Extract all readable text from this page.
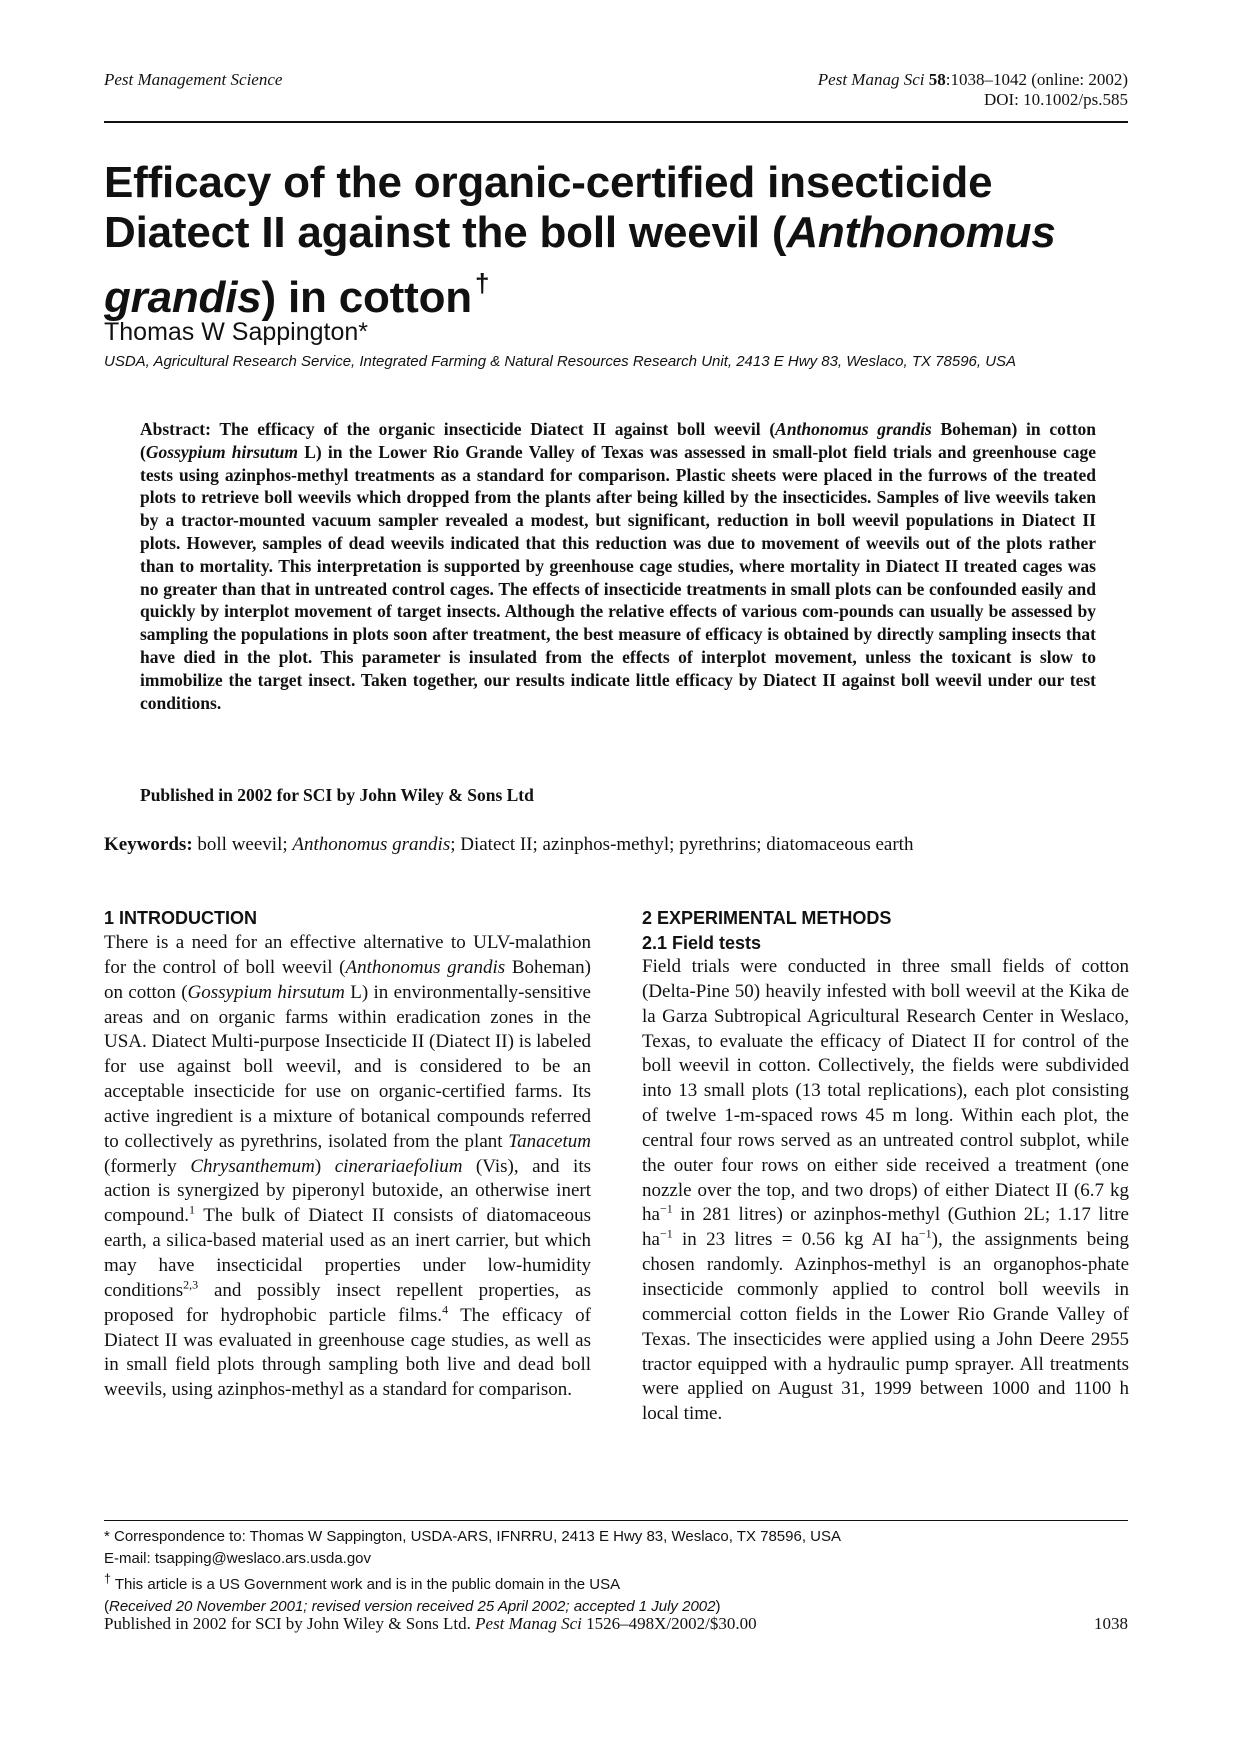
Pest Management Science	Pest Manag Sci 58:1038–1042 (online: 2002)
DOI: 10.1002/ps.585
Efficacy of the organic-certified insecticide Diatect II against the boll weevil (Anthonomus grandis) in cotton †
Thomas W Sappington*
USDA, Agricultural Research Service, Integrated Farming & Natural Resources Research Unit, 2413 E Hwy 83, Weslaco, TX 78596, USA

Abstract: The efficacy of the organic insecticide Diatect II against boll weevil (Anthonomus grandis Boheman) in cotton (Gossypium hirsutum L) in the Lower Rio Grande Valley of Texas was assessed in small-plot field trials and greenhouse cage tests using azinphos-methyl treatments as a standard for comparison. Plastic sheets were placed in the furrows of the treated plots to retrieve boll weevils which dropped from the plants after being killed by the insecticides. Samples of live weevils taken by a tractor-mounted vacuum sampler revealed a modest, but significant, reduction in boll weevil populations in Diatect II plots. However, samples of dead weevils indicated that this reduction was due to movement of weevils out of the plots rather than to mortality. This interpretation is supported by greenhouse cage studies, where mortality in Diatect II treated cages was no greater than that in untreated control cages. The effects of insecticide treatments in small plots can be confounded easily and quickly by interplot movement of target insects. Although the relative effects of various com-pounds can usually be assessed by sampling the populations in plots soon after treatment, the best measure of efficacy is obtained by directly sampling insects that have died in the plot. This parameter is insulated from the effects of interplot movement, unless the toxicant is slow to immobilize the target insect. Taken together, our results indicate little efficacy by Diatect II against boll weevil under our test conditions.

Published in 2002 for SCI by John Wiley & Sons Ltd
Keywords: boll weevil; Anthonomus grandis; Diatect II; azinphos-methyl; pyrethrins; diatomaceous earth
1 INTRODUCTION

There is a need for an effective alternative to ULV-malathion for the control of boll weevil (Anthonomus grandis Boheman) on cotton (Gossypium hirsutum L) in environmentally-sensitive areas and on organic farms within eradication zones in the USA. Diatect Multi-purpose Insecticide II (Diatect II) is labeled for use against boll weevil, and is considered to be an acceptable insecticide for use on organic-certified farms. Its active ingredient is a mixture of botanical compounds referred to collectively as pyrethrins, isolated from the plant Tanacetum (formerly Chrysanthemum) cinerariaefolium (Vis), and its action is synergized by piperonyl butoxide, an otherwise inert compound.$^1$ The bulk of Diatect II consists of diatomaceous earth, a silica-based material used as an inert carrier, but which may have insecticidal properties under low-humidity conditions$^{2,3}$ and possibly insect repellent properties, as proposed for hydrophobic particle films.$^4$ The efficacy of Diatect II was evaluated in greenhouse cage studies, as well as in small field plots through sampling both live and dead boll weevils, using azinphos-methyl as a standard for comparison.

2 EXPERIMENTAL METHODS
2.1 Field tests

Field trials were conducted in three small fields of cotton (Delta-Pine 50) heavily infested with boll weevil at the Kika de la Garza Subtropical Agricultural Research Center in Weslaco, Texas, to evaluate the efficacy of Diatect II for control of the boll weevil in cotton. Collectively, the fields were subdivided into 13 small plots (13 total replications), each plot consisting of twelve 1-m-spaced rows 45 m long. Within each plot, the central four rows served as an untreated control subplot, while the outer four rows on either side received a treatment (one nozzle over the top, and two drops) of either Diatect II (6.7 kg ha$^{-1}$ in 281 litres) or azinphos-methyl (Guthion 2L; 1.17 litre ha$^{-1}$ in 23 litres = 0.56 kg AI ha$^{-1}$), the assignments being chosen randomly. Azinphos-methyl is an organophos-phate insecticide commonly applied to control boll weevils in commercial cotton fields in the Lower Rio Grande Valley of Texas. The insecticides were applied using a John Deere 2955 tractor equipped with a hydraulic pump sprayer. All treatments were applied on August 31, 1999 between 1000 and 1100 h local time.

* Correspondence to: Thomas W Sappington, USDA-ARS, IFNRRU, 2413 E Hwy 83, Weslaco, TX 78596, USA
E-mail: tsapping@weslaco.ars.usda.gov
† This article is a US Government work and is in the public domain in the USA
(Received 20 November 2001; revised version received 25 April 2002; accepted 1 July 2002)
Published in 2002 for SCI by John Wiley & Sons Ltd. Pest Manag Sci 1526–498X/2002/$30.00	1038
